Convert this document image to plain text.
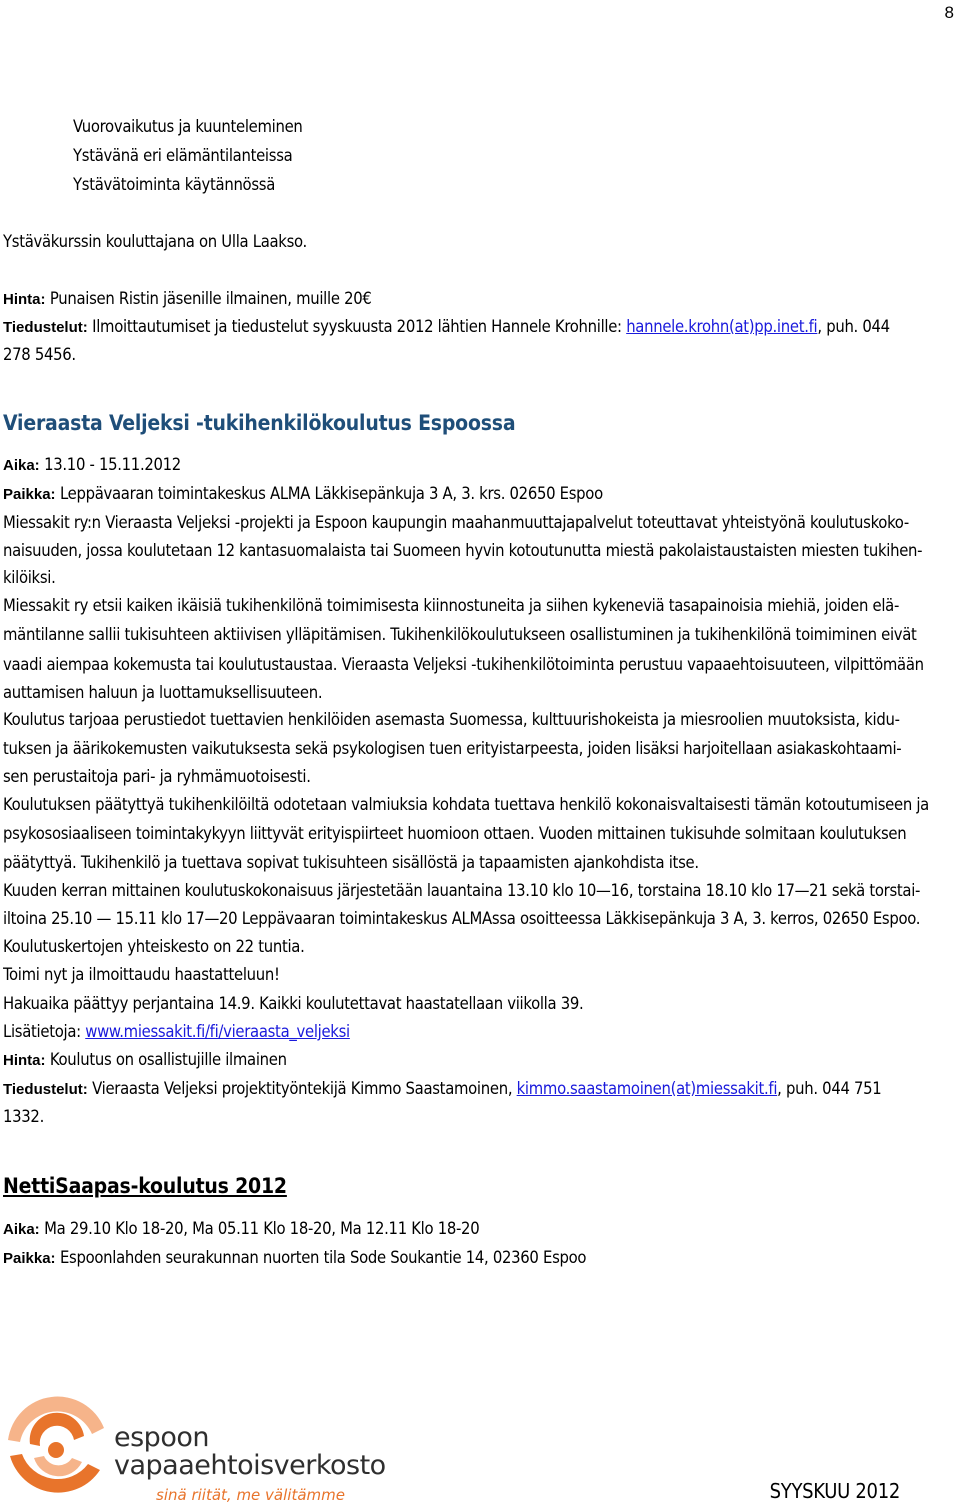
8
Vuorovaikutus ja kuunteleminen
Ystävänä eri elämäntilanteissa
Ystävätoiminta käytännössä
Ystäväkurssin kouluttajana on Ulla Laakso.
Hinta: Punaisen Ristin jäsenille ilmainen, muille 20€
Tiedustelut: Ilmoittautumiset ja tiedustelut syyskuusta 2012 lähtien Hannele Krohnille: hannele.krohn(at)pp.inet.fi, puh. 044
278 5456.
Vieraasta Veljeksi -tukihenkilökoulutus Espoossa
Aika: 13.10 - 15.11.2012
Paikka: Leppävaaran toimintakeskus ALMA Läkkisepänkuja 3 A, 3. krs. 02650 Espoo
Miessakit ry:n Vieraasta Veljeksi -projekti ja Espoon kaupungin maahanmuuttajapalvelut toteuttavat yhteistyönä koulutuskoko-
naisuuden, jossa koulutetaan 12 kantasuomalaista tai Suomeen hyvin kotoutunutta miestä pakolaistaustaisten miesten tukihen-
kilöiksi.
Miessakit ry etsii kaiken ikäisiä tukihenkilönä toimimisesta kiinnostuneita ja siihen kykeneviä tasapainoisia miehiä, joiden elä-
mäntilanne sallii tukisuhteen aktiivisen ylläpitämisen. Tukihenkilökoulutukseen osallistuminen ja tukihenkilönä toimiminen eivät
vaadi aiempaa kokemusta tai koulutustaustaa. Vieraasta Veljeksi -tukihenkilötoiminta perustuu vapaaehtoisuuteen, vilpittömään
auttamisen haluun ja luottamuksellisuuteen.
Koulutus tarjoaa perustiedot tuettavien henkilöiden asemasta Suomessa, kulttuurishokeista ja miesroolien muutoksista, kidu-
tuksen ja äärikokemusten vaikutuksesta sekä psykologisen tuen erityistarpeesta, joiden lisäksi harjoitellaan asiakaskohtaami-
sen perustaitoja pari- ja ryhmämuotoisesti.
Koulutuksen päätyttyä tukihenkilöiltä odotetaan valmiuksia kohdata tuettava henkilö kokonaisvaltaisesti tämän kotoutumiseen ja
psykososiaaliseen toimintakykyyn liittyvät erityispiirteet huomioon ottaen. Vuoden mittainen tukisuhde solmitaan koulutuksen
päätyttyä. Tukihenkilö ja tuettava sopivat tukisuhteen sisällöstä ja tapaamisten ajankohdista itse.
Kuuden kerran mittainen koulutuskokonaisuus järjestetään lauantaina 13.10 klo 10—16, torstaina 18.10 klo 17—21 sekä torstai-
iltoina 25.10 — 15.11 klo 17—20 Leppävaaran toimintakeskus ALMAssa osoitteessa Läkkisepänkuja 3 A, 3. kerros, 02650 Espoo.
Koulutuskertojen yhteiskesto on 22 tuntia.
Toimi nyt ja ilmoittaudu haastatteluun!
Hakuaika päättyy perjantaina 14.9. Kaikki koulutettavat haastatellaan viikolla 39.
Lisätietoja: www.miessakit.fi/fi/vieraasta_veljeksi
Hinta: Koulutus on osallistujille ilmainen
Tiedustelut: Vieraasta Veljeksi projektityöntekijä Kimmo Saastamoinen, kimmo.saastamoinen(at)miessakit.fi, puh. 044 751
1332.
NettiSaapas-koulutus 2012
Aika: Ma 29.10 Klo 18-20, Ma 05.11 Klo 18-20, Ma 12.11 Klo 18-20
Paikka: Espoonlahden seurakunnan nuorten tila Sode Soukantie 14, 02360 Espoo
espoon
vapaaehtoisverkosto
sinä riität, me välitämme	SYYSKUU 2012
